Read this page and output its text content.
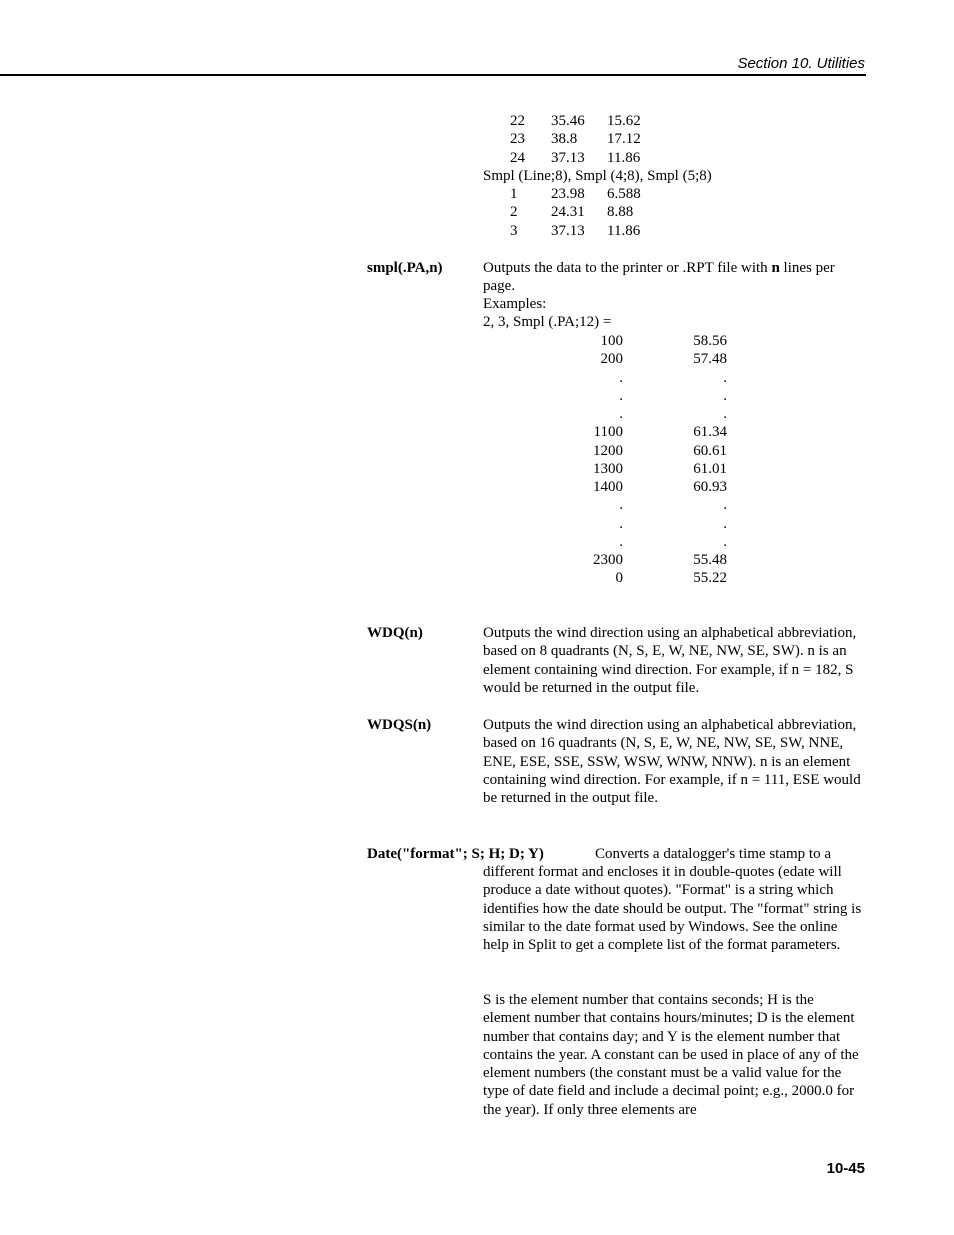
Section 10. Utilities
22 35.46 15.62
23 38.8 17.12
24 37.13 11.86
Smpl (Line;8), Smpl (4;8), Smpl (5;8)
1 23.98 6.588
2 24.31 8.88
3 37.13 11.86
smpl(.PA,n)	Outputs the data to the printer or .RPT file with n lines per page.
Examples:
2, 3, Smpl (.PA;12) =
100	58.56
200	57.48
.	.
.	.
.	.
1100	61.34
1200	60.61
1300	61.01
1400	60.93
.	.
.	.
.	.
2300	55.48
0	55.22
WDQ(n)	Outputs the wind direction using an alphabetical abbreviation, based on 8 quadrants (N, S, E, W, NE, NW, SE, SW). n is an element containing wind direction. For example, if n = 182, S would be returned in the output file.
WDQS(n)	Outputs the wind direction using an alphabetical abbreviation, based on 16 quadrants (N, S, E, W, NE, NW, SE, SW, NNE, ENE, ESE, SSE, SSW, WSW, WNW, NNW). n is an element containing wind direction. For example, if n = 111, ESE would be returned in the output file.
Date("format"; S; H; D; Y)	Converts a datalogger's time stamp to a
different format and encloses it in double-quotes (edate will produce a date without quotes). "Format" is a string which identifies how the date should be output. The "format" string is similar to the date format used by Windows. See the online help in Split to get a complete list of the format parameters.
S is the element number that contains seconds; H is the element number that contains hours/minutes; D is the element number that contains day; and Y is the element number that contains the year. A constant can be used in place of any of the element numbers (the constant must be a valid value for the type of date field and include a decimal point; e.g., 2000.0 for the year). If only three elements are
10-45
